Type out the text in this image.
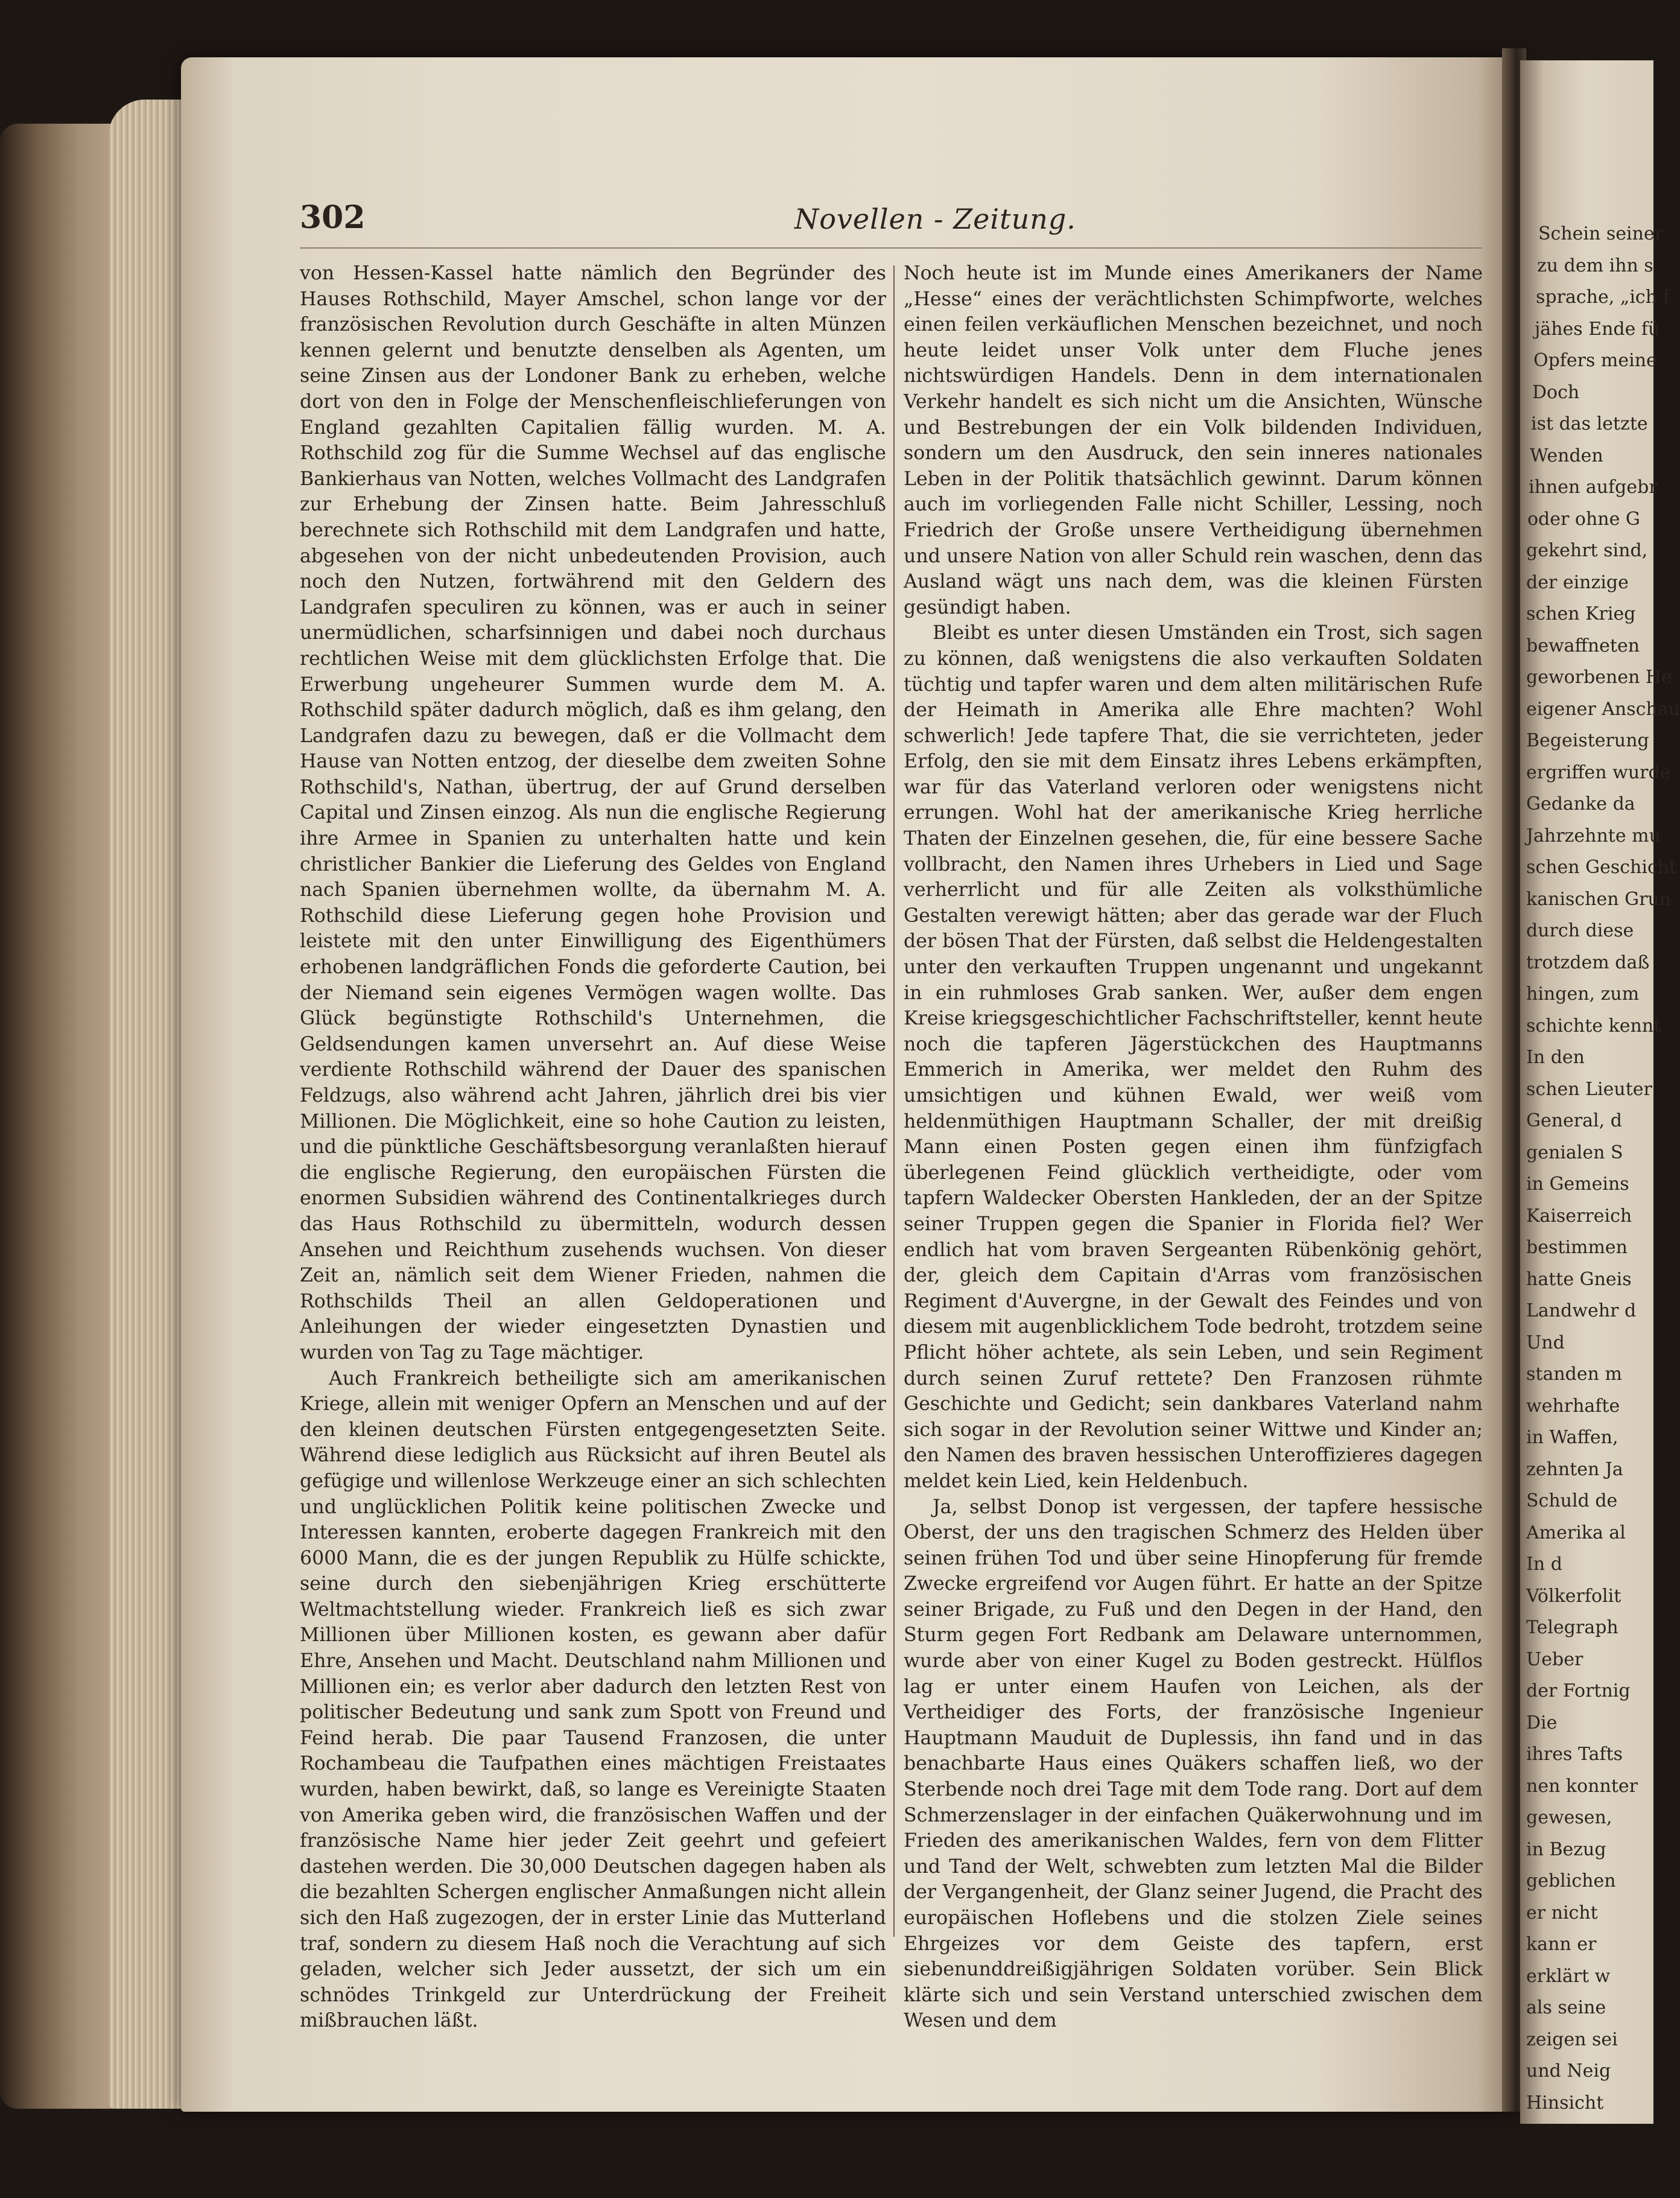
Schein seiner
zu dem ihn s
sprache, „ich f
jähes Ende fü
Opfers meine
Doch
ist das letzte
Wenden
ihnen aufgebr
oder ohne G
gekehrt sind,
der einzige
schen Krieg
bewaffneten
geworbenen He
eigener Anschau
Begeisterung
ergriffen wurde
Gedanke da
Jahrzehnte mu
schen Geschicht
kanischen Grun
durch diese
trotzdem daß
hingen, zum
schichte kennt
In den
schen Lieuter
General, d
genialen S
in Gemeins
Kaiserreich
bestimmen
hatte Gneis
Landwehr d
Und
standen m
wehrhafte
in Waffen,
zehnten Ja
Schuld de
Amerika al
In d
Völkerfolit
Telegraph
Ueber
der Fortnig
Die
ihres Tafts
nen konnter
gewesen,
in Bezug
geblichen
er nicht
kann er
erklärt w
als seine
zeigen sei
und Neig
Hinsicht
302	Novellen - Zeitung.

von Hessen-Kassel hatte nämlich den Begründer des Hauses Rothschild, Mayer Amschel, schon lange vor der französischen Revolution durch Geschäfte in alten Münzen kennen gelernt und benutzte denselben als Agenten, um seine Zinsen aus der Londoner Bank zu erheben, welche dort von den in Folge der Menschenfleischlieferungen von England gezahlten Capitalien fällig wurden. M. A. Rothschild zog für die Summe Wechsel auf das englische Bankierhaus van Notten, welches Vollmacht des Landgrafen zur Erhebung der Zinsen hatte. Beim Jahresschluß berechnete sich Rothschild mit dem Landgrafen und hatte, abgesehen von der nicht unbedeutenden Provision, auch noch den Nutzen, fortwährend mit den Geldern des Landgrafen speculiren zu können, was er auch in seiner unermüdlichen, scharfsinnigen und dabei noch durchaus rechtlichen Weise mit dem glücklichsten Erfolge that. Die Erwerbung ungeheurer Summen wurde dem M. A. Rothschild später dadurch möglich, daß es ihm gelang, den Landgrafen dazu zu bewegen, daß er die Vollmacht dem Hause van Notten entzog, der dieselbe dem zweiten Sohne Rothschild's, Nathan, übertrug, der auf Grund derselben Capital und Zinsen einzog. Als nun die englische Regierung ihre Armee in Spanien zu unterhalten hatte und kein christlicher Bankier die Lieferung des Geldes von England nach Spanien übernehmen wollte, da übernahm M. A. Rothschild diese Lieferung gegen hohe Provision und leistete mit den unter Einwilligung des Eigenthümers erhobenen landgräflichen Fonds die geforderte Caution, bei der Niemand sein eigenes Vermögen wagen wollte. Das Glück begünstigte Rothschild's Unternehmen, die Geldsendungen kamen unversehrt an. Auf diese Weise verdiente Rothschild während der Dauer des spanischen Feldzugs, also während acht Jahren, jährlich drei bis vier Millionen. Die Möglichkeit, eine so hohe Caution zu leisten, und die pünktliche Geschäftsbesorgung veranlaßten hierauf die englische Regierung, den europäischen Fürsten die enormen Subsidien während des Continentalkrieges durch das Haus Rothschild zu übermitteln, wodurch dessen Ansehen und Reichthum zusehends wuchsen. Von dieser Zeit an, nämlich seit dem Wiener Frieden, nahmen die Rothschilds Theil an allen Geldoperationen und Anleihungen der wieder eingesetzten Dynastien und wurden von Tag zu Tage mächtiger.

Auch Frankreich betheiligte sich am amerikanischen Kriege, allein mit weniger Opfern an Menschen und auf der den kleinen deutschen Fürsten entgegengesetzten Seite. Während diese lediglich aus Rücksicht auf ihren Beutel als gefügige und willenlose Werkzeuge einer an sich schlechten und unglücklichen Politik keine politischen Zwecke und Interessen kannten, eroberte dagegen Frankreich mit den 6000 Mann, die es der jungen Republik zu Hülfe schickte, seine durch den siebenjährigen Krieg erschütterte Weltmachtstellung wieder. Frankreich ließ es sich zwar Millionen über Millionen kosten, es gewann aber dafür Ehre, Ansehen und Macht. Deutschland nahm Millionen und Millionen ein; es verlor aber dadurch den letzten Rest von politischer Bedeutung und sank zum Spott von Freund und Feind herab. Die paar Tausend Franzosen, die unter Rochambeau die Taufpathen eines mächtigen Freistaates wurden, haben bewirkt, daß, so lange es Vereinigte Staaten von Amerika geben wird, die französischen Waffen und der französische Name hier jeder Zeit geehrt und gefeiert dastehen werden. Die 30,000 Deutschen dagegen haben als die bezahlten Schergen englischer Anmaßungen nicht allein sich den Haß zugezogen, der in erster Linie das Mutterland traf, sondern zu diesem Haß noch die Verachtung auf sich geladen, welcher sich Jeder aussetzt, der sich um ein schnödes Trinkgeld zur Unterdrückung der Freiheit mißbrauchen läßt.

Noch heute ist im Munde eines Amerikaners der Name „Hesse“ eines der verächtlichsten Schimpfworte, welches einen feilen verkäuflichen Menschen bezeichnet, und noch heute leidet unser Volk unter dem Fluche jenes nichtswürdigen Handels. Denn in dem internationalen Verkehr handelt es sich nicht um die Ansichten, Wünsche und Bestrebungen der ein Volk bildenden Individuen, sondern um den Ausdruck, den sein inneres nationales Leben in der Politik thatsächlich gewinnt. Darum können auch im vorliegenden Falle nicht Schiller, Lessing, noch Friedrich der Große unsere Vertheidigung übernehmen und unsere Nation von aller Schuld rein waschen, denn das Ausland wägt uns nach dem, was die kleinen Fürsten gesündigt haben.

Bleibt es unter diesen Umständen ein Trost, sich sagen zu können, daß wenigstens die also verkauften Soldaten tüchtig und tapfer waren und dem alten militärischen Rufe der Heimath in Amerika alle Ehre machten? Wohl schwerlich! Jede tapfere That, die sie verrichteten, jeder Erfolg, den sie mit dem Einsatz ihres Lebens erkämpften, war für das Vaterland verloren oder wenigstens nicht errungen. Wohl hat der amerikanische Krieg herrliche Thaten der Einzelnen gesehen, die, für eine bessere Sache vollbracht, den Namen ihres Urhebers in Lied und Sage verherrlicht und für alle Zeiten als volksthümliche Gestalten verewigt hätten; aber das gerade war der Fluch der bösen That der Fürsten, daß selbst die Heldengestalten unter den verkauften Truppen ungenannt und ungekannt in ein ruhmloses Grab sanken. Wer, außer dem engen Kreise kriegsgeschichtlicher Fachschriftsteller, kennt heute noch die tapferen Jägerstückchen des Hauptmanns Emmerich in Amerika, wer meldet den Ruhm des umsichtigen und kühnen Ewald, wer weiß vom heldenmüthigen Hauptmann Schaller, der mit dreißig Mann einen Posten gegen einen ihm fünfzigfach überlegenen Feind glücklich vertheidigte, oder vom tapfern Waldecker Obersten Hankleden, der an der Spitze seiner Truppen gegen die Spanier in Florida fiel? Wer endlich hat vom braven Sergeanten Rübenkönig gehört, der, gleich dem Capitain d'Arras vom französischen Regiment d'Auvergne, in der Gewalt des Feindes und von diesem mit augenblicklichem Tode bedroht, trotzdem seine Pflicht höher achtete, als sein Leben, und sein Regiment durch seinen Zuruf rettete? Den Franzosen rühmte Geschichte und Gedicht; sein dankbares Vaterland nahm sich sogar in der Revolution seiner Wittwe und Kinder an; den Namen des braven hessischen Unteroffizieres dagegen meldet kein Lied, kein Heldenbuch.

Ja, selbst Donop ist vergessen, der tapfere hessische Oberst, der uns den tragischen Schmerz des Helden über seinen frühen Tod und über seine Hinopferung für fremde Zwecke ergreifend vor Augen führt. Er hatte an der Spitze seiner Brigade, zu Fuß und den Degen in der Hand, den Sturm gegen Fort Redbank am Delaware unternommen, wurde aber von einer Kugel zu Boden gestreckt. Hülflos lag er unter einem Haufen von Leichen, als der Vertheidiger des Forts, der französische Ingenieur Hauptmann Mauduit de Duplessis, ihn fand und in das benachbarte Haus eines Quäkers schaffen ließ, wo der Sterbende noch drei Tage mit dem Tode rang. Dort auf dem Schmerzenslager in der einfachen Quäkerwohnung und im Frieden des amerikanischen Waldes, fern von dem Flitter und Tand der Welt, schwebten zum letzten Mal die Bilder der Vergangenheit, der Glanz seiner Jugend, die Pracht des europäischen Hoflebens und die stolzen Ziele seines Ehrgeizes vor dem Geiste des tapfern, erst siebenunddreißigjährigen Soldaten vorüber. Sein Blick klärte sich und sein Verstand unterschied zwischen dem Wesen und dem
